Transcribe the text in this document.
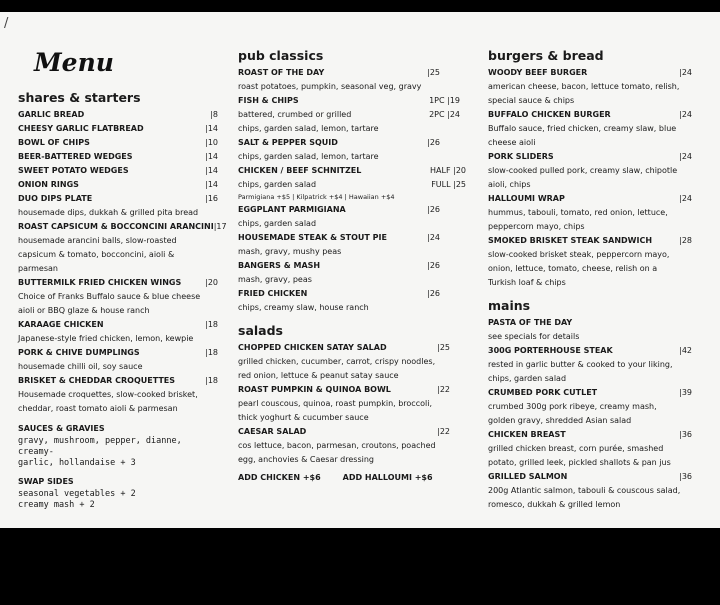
/
Menu
shares & starters
GARLIC BREAD	|8
CHEESY GARLIC FLATBREAD	|14
BOWL OF CHIPS	|10
BEER-BATTERED WEDGES	|14
SWEET POTATO WEDGES	|14
ONION RINGS	|14
DUO DIPS PLATE	|16
housemade dips, dukkah & grilled pita bread
ROAST CAPSICUM & BOCCONCINI ARANCINI |17
housemade arancini balls, slow-roasted
capsicum & tomato, bocconcini, aioli &
parmesan
BUTTERMILK FRIED CHICKEN WINGS	|20
Choice of Franks Buffalo sauce & blue cheese
aioli or BBQ glaze & house ranch
KARAAGE CHICKEN	|18
Japanese-style fried chicken, lemon, kewpie
PORK & CHIVE DUMPLINGS	|18
housemade chilli oil, soy sauce
BRISKET & CHEDDAR CROQUETTES	|18
Housemade croquettes, slow-cooked brisket,
cheddar, roast tomato aioli & parmesan
SAUCES & GRAVIES
gravy, mushroom, pepper, dianne, creamy-
garlic, hollandaise + 3
SWAP SIDES
seasonal vegetables + 2
creamy mash + 2
pub classics
ROAST OF THE DAY	|25
roast potatoes, pumpkin, seasonal veg, gravy
FISH & CHIPS	1PC |19
battered, crumbed or grilled	2PC |24
chips, garden salad, lemon, tartare
SALT & PEPPER SQUID	|26
chips, garden salad, lemon, tartare
CHICKEN / BEEF SCHNITZEL	HALF |20
chips, garden salad	FULL |25
Parmigiana +$5 | Kilpatrick +$4 | Hawaiian +$4
EGGPLANT PARMIGIANA	|26
chips, garden salad
HOUSEMADE STEAK & STOUT PIE	|24
mash, gravy, mushy peas
BANGERS & MASH	|26
mash, gravy, peas
FRIED CHICKEN	|26
chips, creamy slaw, house ranch
salads
CHOPPED CHICKEN SATAY SALAD	|25
grilled chicken, cucumber, carrot, crispy noodles,
red onion, lettuce & peanut satay sauce
ROAST PUMPKIN & QUINOA BOWL	|22
pearl couscous, quinoa, roast pumpkin, broccoli,
thick yoghurt & cucumber sauce
CAESAR SALAD	|22
cos lettuce, bacon, parmesan, croutons, poached
egg, anchovies & Caesar dressing
ADD CHICKEN +$6	ADD HALLOUMI +$6
burgers & bread
WOODY BEEF BURGER	|24
american cheese, bacon, lettuce tomato, relish,
special sauce & chips
BUFFALO CHICKEN BURGER	|24
Buffalo sauce, fried chicken, creamy slaw, blue
cheese aioli
PORK SLIDERS	|24
slow-cooked pulled pork, creamy slaw, chipotle
aioli, chips
HALLOUMI WRAP	|24
hummus, tabouli, tomato, red onion, lettuce,
peppercorn mayo, chips
SMOKED BRISKET STEAK SANDWICH	|28
slow-cooked brisket steak, peppercorn mayo,
onion, lettuce, tomato, cheese, relish on a
Turkish loaf & chips
mains
PASTA OF THE DAY
see specials for details
300G PORTERHOUSE STEAK	|42
rested in garlic butter & cooked to your liking,
chips, garden salad
CRUMBED PORK CUTLET	|39
crumbed 300g pork ribeye, creamy mash,
golden gravy, shredded Asian salad
CHICKEN BREAST	|36
grilled chicken breast, corn purée, smashed
potato, grilled leek, pickled shallots & pan jus
GRILLED SALMON	|36
200g Atlantic salmon, tabouli & couscous salad,
romesco, dukkah & grilled lemon
